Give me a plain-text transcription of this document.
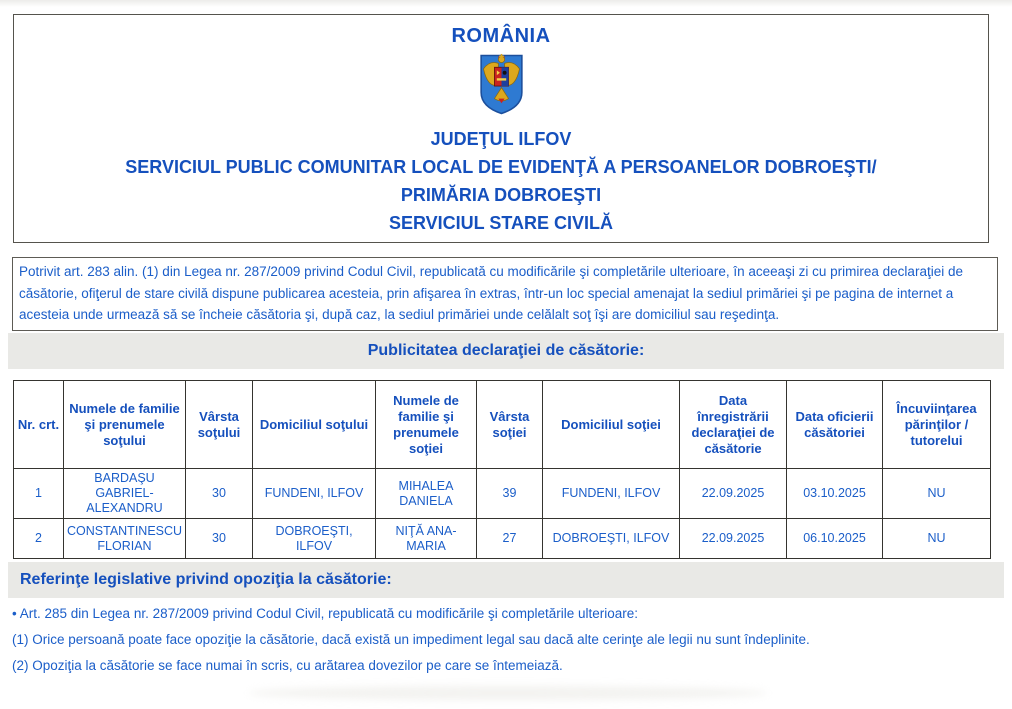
ROMÂNIA
JUDEŢUL ILFOV
SERVICIUL PUBLIC COMUNITAR LOCAL DE EVIDENŢĂ A PERSOANELOR DOBROEŞTI/
PRIMĂRIA DOBROEŞTI
SERVICIUL STARE CIVILĂ
Potrivit art. 283 alin. (1) din Legea nr. 287/2009 privind Codul Civil, republicată cu modificările şi completările ulterioare, în aceeaşi zi cu primirea declaraţiei de căsătorie, ofiţerul de stare civilă dispune publicarea acesteia, prin afişarea în extras, într-un loc special amenajat la sediul primăriei şi pe pagina de internet a acesteia unde urmează să se încheie căsătoria şi, după caz, la sediul primăriei unde celălalt soţ îşi are domiciliul sau reşedinţa.
Publicitatea declaraţiei de căsătorie:
Nr. crt.	Numele de familie şi prenumele soţului	Vârsta soţului	Domiciliul soţului	Numele de familie şi prenumele soţiei	Vârsta soţiei	Domiciliul soţiei	Data înregistrării declaraţiei de căsătorie	Data oficierii căsătoriei	Încuviinţarea părinţilor / tutorelui
1	BARDAŞU GABRIEL-ALEXANDRU	30	FUNDENI, ILFOV	MIHALEA DANIELA	39	FUNDENI, ILFOV	22.09.2025	03.10.2025	NU
2	CONSTANTINESCU FLORIAN	30	DOBROEŞTI, ILFOV	NIŢĂ ANA-MARIA	27	DOBROEŞTI, ILFOV	22.09.2025	06.10.2025	NU
Referinţe legislative privind opoziţia la căsătorie:
• Art. 285 din Legea nr. 287/2009 privind Codul Civil, republicată cu modificările şi completările ulterioare:
(1) Orice persoană poate face opoziţie la căsătorie, dacă există un impediment legal sau dacă alte cerinţe ale legii nu sunt îndeplinite.
(2) Opoziţia la căsătorie se face numai în scris, cu arătarea dovezilor pe care se întemeiază.
